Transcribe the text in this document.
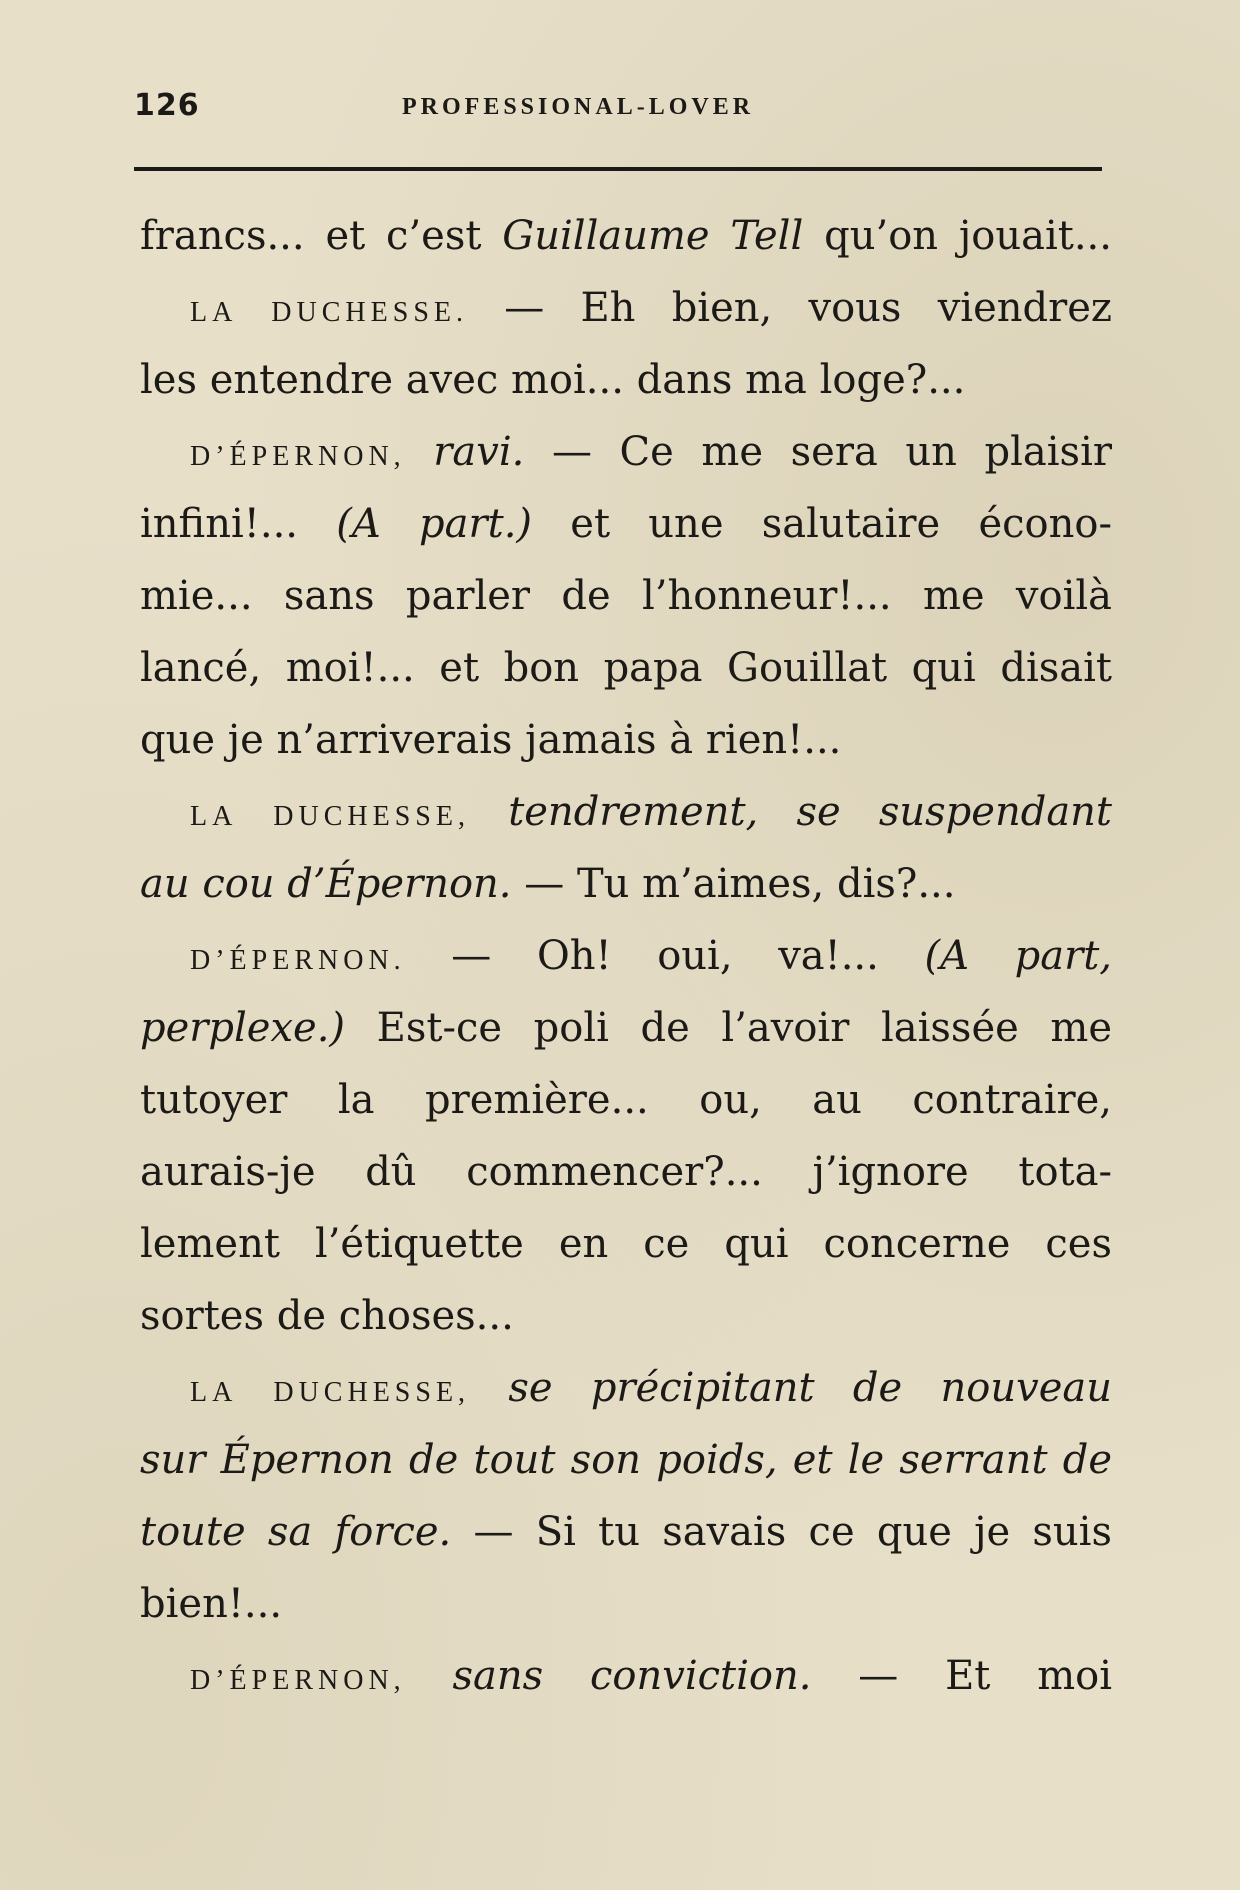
126	PROFESSIONAL-LOVER
francs... et c’est Guillaume Tell qu’on jouait...
LA DUCHESSE. — Eh bien, vous viendrez
les entendre avec moi... dans ma loge?...
D’ÉPERNON, ravi. — Ce me sera un plaisir
infini!... (A part.) et une salutaire écono-
mie... sans parler de l’honneur!... me voilà
lancé, moi!... et bon papa Gouillat qui disait
que je n’arriverais jamais à rien!...
LA DUCHESSE, tendrement, se suspendant
au cou d’Épernon. — Tu m’aimes, dis?...
D’ÉPERNON. — Oh! oui, va!... (A part,
perplexe.) Est-ce poli de l’avoir laissée me
tutoyer la première... ou, au contraire,
aurais-je dû commencer?... j’ignore tota-
lement l’étiquette en ce qui concerne ces
sortes de choses...
LA DUCHESSE, se précipitant de nouveau
sur Épernon de tout son poids, et le serrant de
toute sa force. — Si tu savais ce que je suis
bien!...
D’ÉPERNON, sans conviction. — Et moi
